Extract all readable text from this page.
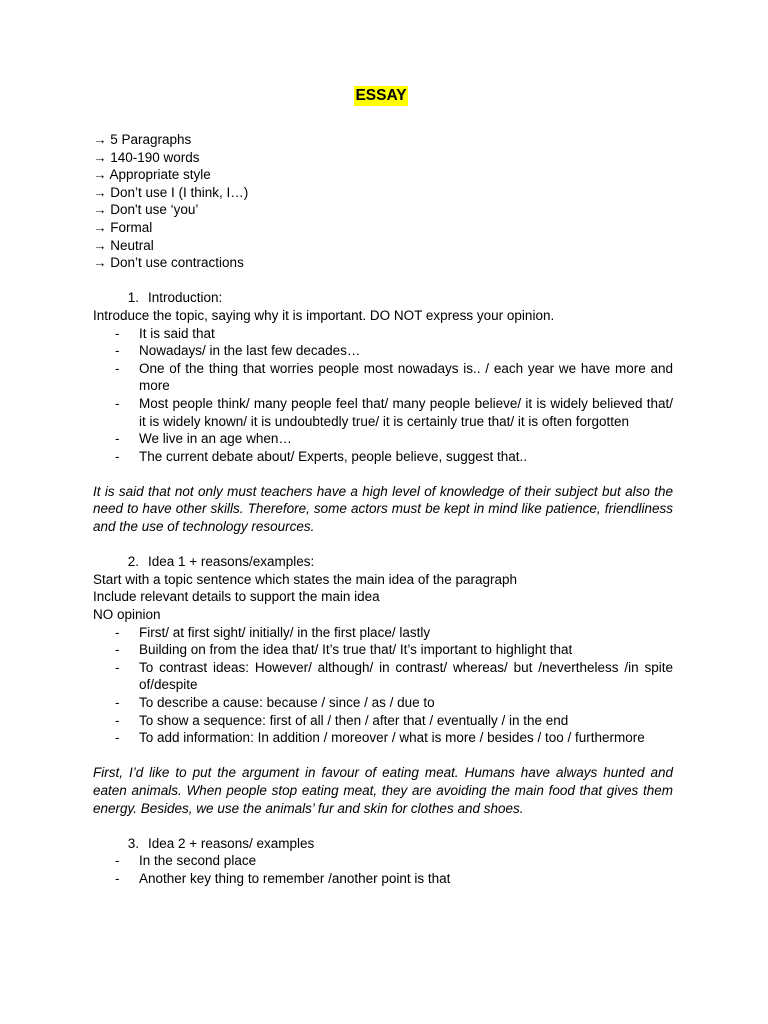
ESSAY
→ 5 Paragraphs
→ 140-190 words
→ Appropriate style
→ Don’t use I (I think, I…)
→ Don't use ‘you’
→ Formal
→ Neutral
→ Don’t use contractions
1. Introduction:
Introduce the topic, saying why it is important. DO NOT express your opinion.
-	It is said that
-	Nowadays/ in the last few decades…
-	One of the thing that worries people most nowadays is.. / each year we have more and more
-	Most people think/ many people feel that/ many people believe/ it is widely believed that/ it is widely known/ it is undoubtedly true/ it is certainly true that/ it is often forgotten
-	We live in an age when…
-	The current debate about/ Experts, people believe, suggest that..
It is said that not only must teachers have a high level of knowledge of their subject but also the need to have other skills. Therefore, some actors must be kept in mind like patience, friendliness and the use of technology resources.
2. Idea 1 + reasons/examples:
Start with a topic sentence which states the main idea of the paragraph
Include relevant details to support the main idea
NO opinion
-	First/ at first sight/ initially/ in the first place/ lastly
-	Building on from the idea that/ It’s true that/ It’s important to highlight that
-	To contrast ideas: However/ although/ in contrast/ whereas/ but /nevertheless /in spite of/despite
-	To describe a cause: because / since / as / due to
-	To show a sequence: first of all / then / after that / eventually / in the end
-	To add information: In addition / moreover / what is more / besides / too / furthermore
First, I’d like to put the argument in favour of eating meat. Humans have always hunted and eaten animals. When people stop eating meat, they are avoiding the main food that gives them energy. Besides, we use the animals’ fur and skin for clothes and shoes.
3. Idea 2 + reasons/ examples
-	In the second place
-	Another key thing to remember /another point is that
